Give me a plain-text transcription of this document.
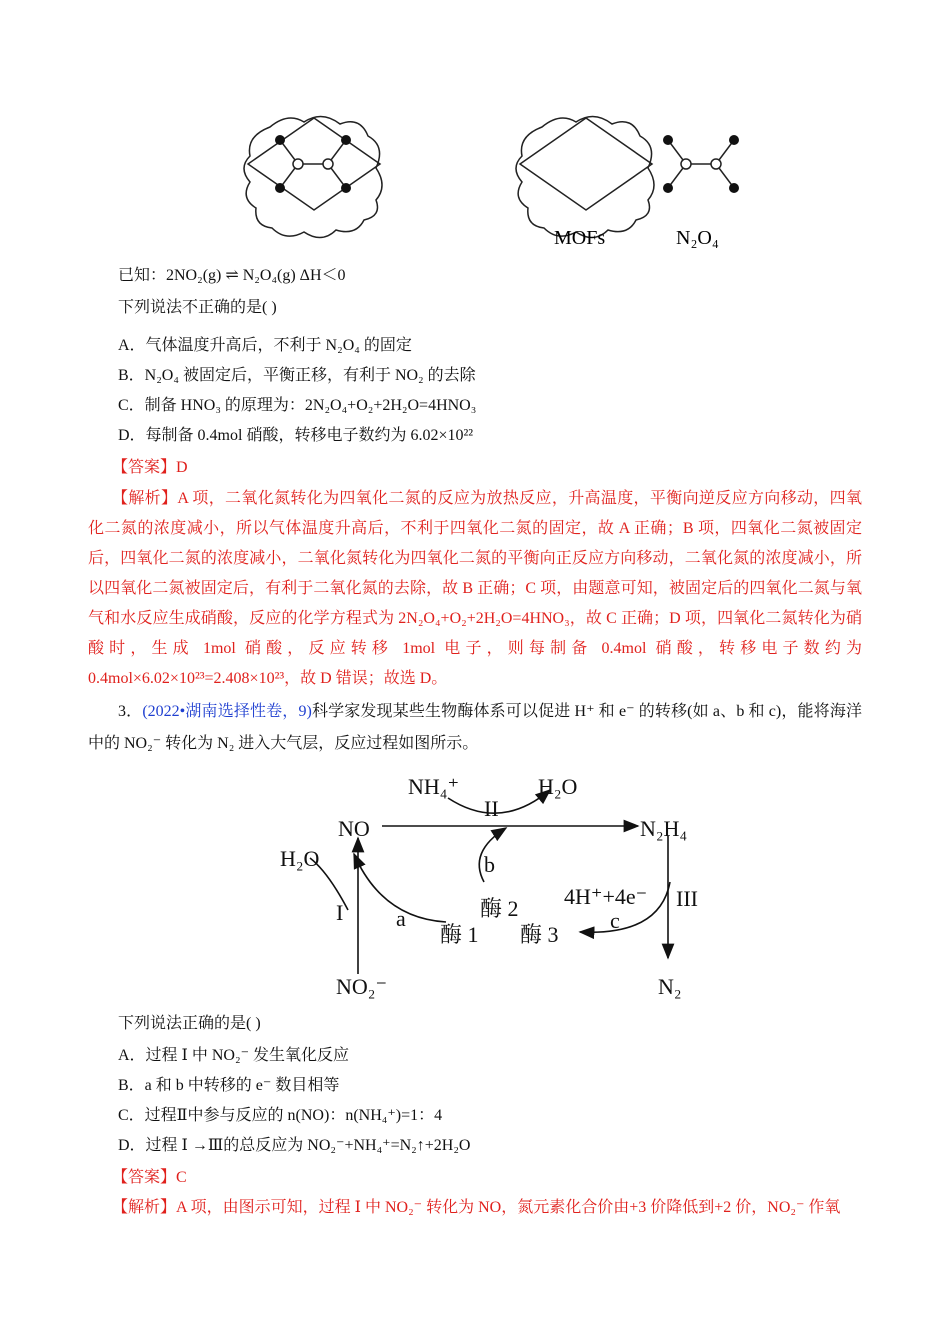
MOFs	N₂O₄
已知：2NO₂(g) ⇌ N₂O₄(g) ΔH＜0
下列说法不正确的是( )
A．气体温度升高后，不利于 N₂O₄ 的固定
B．N₂O₄ 被固定后，平衡正移，有利于 NO₂ 的去除
C．制备 HNO₃ 的原理为：2N₂O₄+O₂+2H₂O=4HNO₃
D．每制备 0.4mol 硝酸，转移电子数约为 6.02×10²²
【答案】D
【解析】A 项，二氧化氮转化为四氧化二氮的反应为放热反应，升高温度，平衡向逆反应方向移动，四氧化二氮的浓度减小，所以气体温度升高后，不利于四氧化二氮的固定，故 A 正确；B 项，四氧化二氮被固定后，四氧化二氮的浓度减小，二氧化氮转化为四氧化二氮的平衡向正反应方向移动，二氧化氮的浓度减小，所以四氧化二氮被固定后，有利于二氧化氮的去除，故 B 正确；C 项，由题意可知，被固定后的四氧化二氮与氧气和水反应生成硝酸，反应的化学方程式为 2N₂O₄+O₂+2H₂O=4HNO₃，故 C 正确；D 项，四氧化二氮转化为硝酸时，生成 1mol 硝酸，反应转移 1mol 电子，则每制备 0.4mol 硝酸，转移电子数约为 0.4mol×6.02×10²³=2.408×10²³，故 D 错误；故选 D。
3．(2022•湖南选择性卷，9)科学家发现某些生物酶体系可以促进 H⁺ 和 e⁻ 的转移(如 a、b 和 c)，能将海洋中的 NO₂⁻ 转化为 N₂ 进入大气层，反应过程如图所示。
NH₄⁺	H₂O
NO	N₂H₄
H₂O
II
b
III
4H⁺+4e⁻
I a	c
酶 2
酶 1 酶 3
NO₂⁻	N₂
下列说法正确的是( )
A．过程 Ⅰ 中 NO₂⁻ 发生氧化反应
B．a 和 b 中转移的 e⁻ 数目相等
C．过程Ⅱ中参与反应的 n(NO)：n(NH₄⁺)=1：4
D．过程 Ⅰ →Ⅲ的总反应为 NO₂⁻+NH₄⁺=N₂↑+2H₂O
【答案】C
【解析】A 项，由图示可知，过程 Ⅰ 中 NO₂⁻ 转化为 NO，氮元素化合价由+3 价降低到+2 价，NO₂⁻ 作氧
